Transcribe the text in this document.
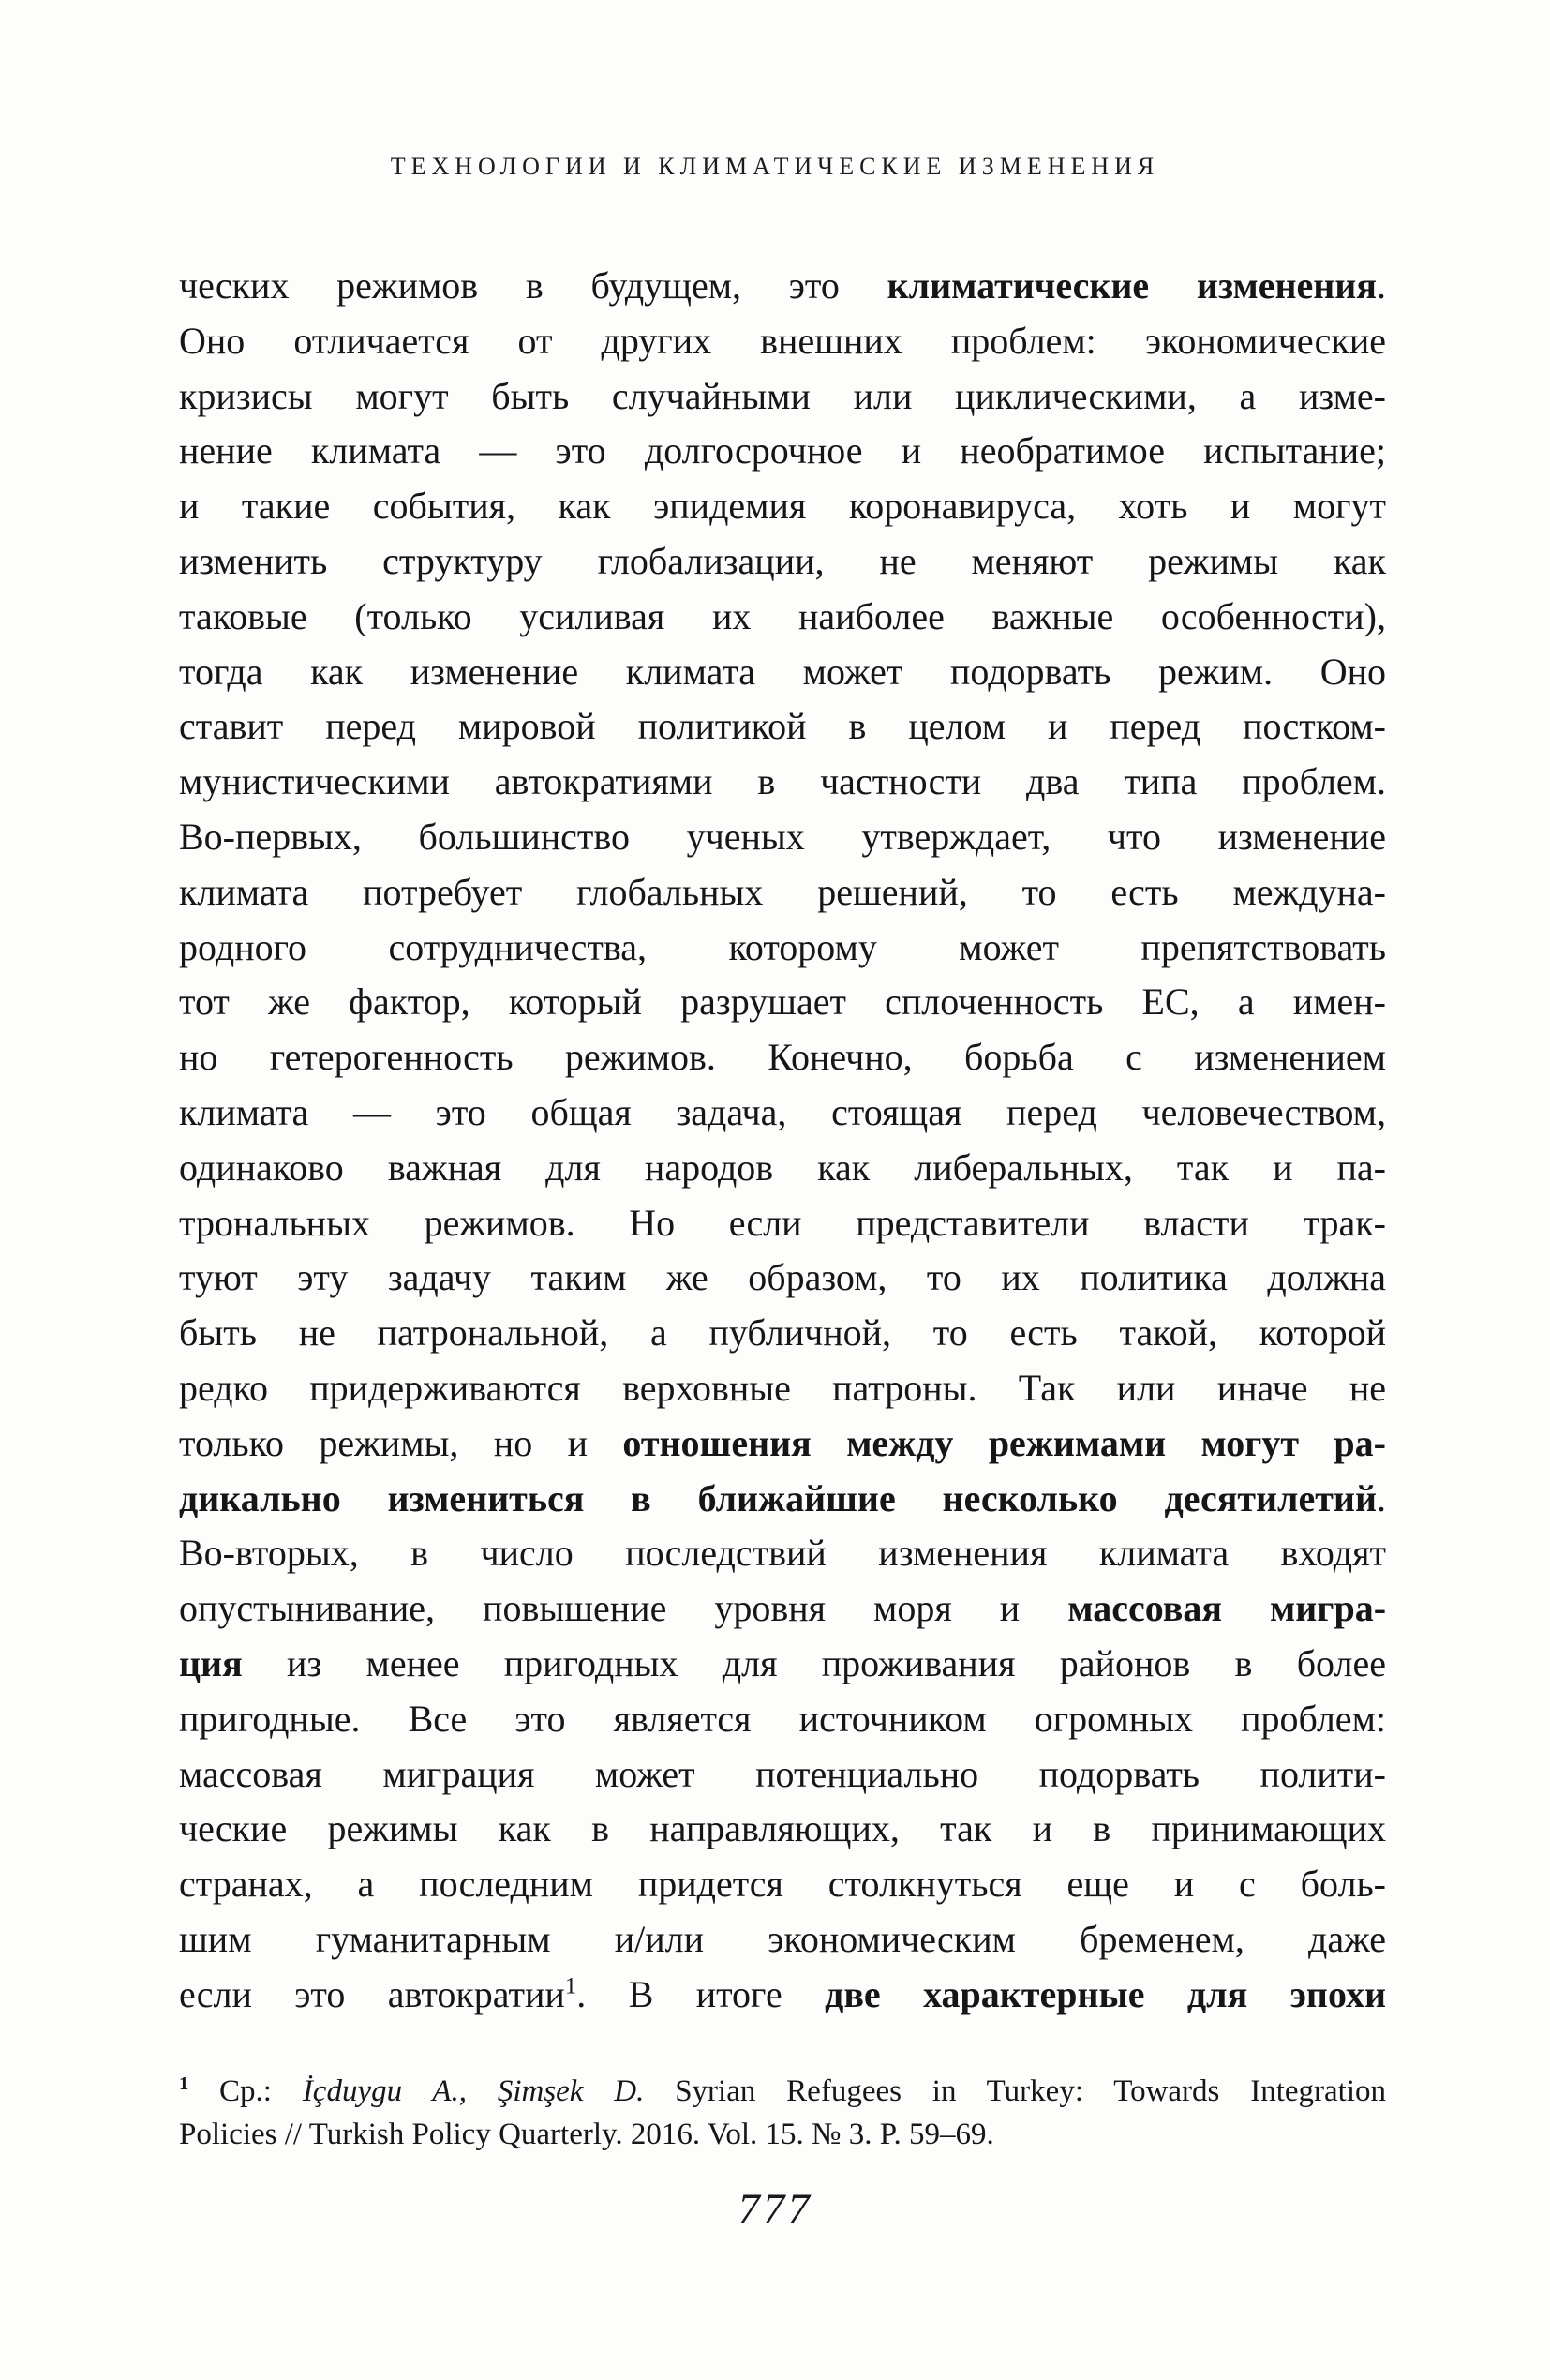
ТЕХНОЛОГИИ И КЛИМАТИЧЕСКИЕ ИЗМЕНЕНИЯ
ческих режимов в будущем, это климатические изменения.
Оно отличается от других внешних проблем: экономические
кризисы могут быть случайными или циклическими, а изме-
нение климата — это долгосрочное и необратимое испытание;
и такие события, как эпидемия коронавируса, хоть и могут
изменить структуру глобализации, не меняют режимы как
таковые (только усиливая их наиболее важные особенности),
тогда как изменение климата может подорвать режим. Оно
ставит перед мировой политикой в целом и перед постком-
мунистическими автократиями в частности два типа проблем.
Во-первых, большинство ученых утверждает, что изменение
климата потребует глобальных решений, то есть междуна-
родного сотрудничества, которому может препятствовать
тот же фактор, который разрушает сплоченность ЕС, а имен-
но гетерогенность режимов. Конечно, борьба с изменением
климата — это общая задача, стоящая перед человечеством,
одинаково важная для народов как либеральных, так и па-
трональных режимов. Но если представители власти трак-
туют эту задачу таким же образом, то их политика должна
быть не патрональной, а публичной, то есть такой, которой
редко придерживаются верховные патроны. Так или иначе не
только режимы, но и отношения между режимами могут ра-
дикально измениться в ближайшие несколько десятилетий.
Во-вторых, в число последствий изменения климата входят
опустынивание, повышение уровня моря и массовая мигра-
ция из менее пригодных для проживания районов в более
пригодные. Все это является источником огромных проблем:
массовая миграция может потенциально подорвать полити-
ческие режимы как в направляющих, так и в принимающих
странах, а последним придется столкнуться еще и с боль-
шим гуманитарным и/или экономическим бременем, даже
если это автократии$^1$. В итоге две характерные для эпохи
$^1$ Ср.: İçduygu A., Şimşek D. Syrian Refugees in Turkey: Towards Integration
Policies // Turkish Policy Quarterly. 2016. Vol. 15. № 3. P. 59–69.
777
